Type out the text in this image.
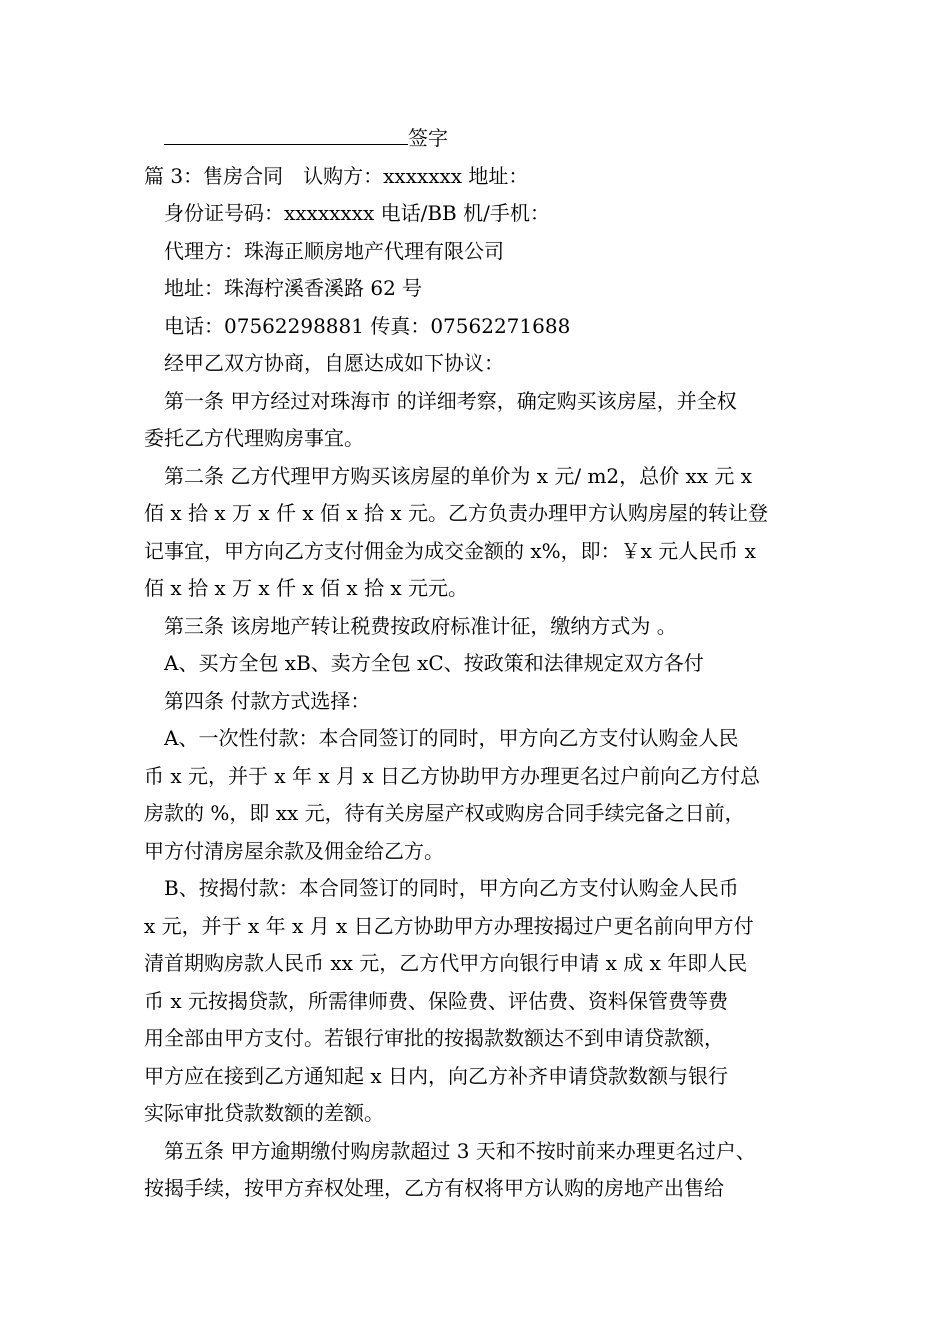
签字

篇 3：售房合同　认购方：xxxxxxx 地址：

身份证号码：xxxxxxxx 电话/BB 机/手机：

代理方：珠海正顺房地产代理有限公司

地址：珠海柠溪香溪路 62 号

电话：07562298881 传真：07562271688

经甲乙双方协商，自愿达成如下协议：

第一条 甲方经过对珠海市 的详细考察，确定购买该房屋，并全权

委托乙方代理购房事宜。

第二条 乙方代理甲方购买该房屋的单价为 x 元/ m2，总价 xx 元 x

佰 x 拾 x 万 x 仟 x 佰 x 拾 x 元。乙方负责办理甲方认购房屋的转让登

记事宜，甲方向乙方支付佣金为成交金额的 x%，即：￥x 元人民币 x

佰 x 拾 x 万 x 仟 x 佰 x 拾 x 元元。

第三条 该房地产转让税费按政府标准计征，缴纳方式为 。

A、买方全包 xB、卖方全包 xC、按政策和法律规定双方各付

第四条 付款方式选择：

A、一次性付款：本合同签订的同时，甲方向乙方支付认购金人民

币 x 元，并于 x 年 x 月 x 日乙方协助甲方办理更名过户前向乙方付总

房款的 %，即 xx 元，待有关房屋产权或购房合同手续完备之日前，

甲方付清房屋余款及佣金给乙方。

B、按揭付款：本合同签订的同时，甲方向乙方支付认购金人民币

x 元，并于 x 年 x 月 x 日乙方协助甲方办理按揭过户更名前向甲方付

清首期购房款人民币 xx 元，乙方代甲方向银行申请 x 成 x 年即人民

币 x 元按揭贷款，所需律师费、保险费、评估费、资料保管费等费

用全部由甲方支付。若银行审批的按揭款数额达不到申请贷款额，

甲方应在接到乙方通知起 x 日内，向乙方补齐申请贷款数额与银行

实际审批贷款数额的差额。

第五条 甲方逾期缴付购房款超过 3 天和不按时前来办理更名过户、

按揭手续，按甲方弃权处理，乙方有权将甲方认购的房地产出售给
